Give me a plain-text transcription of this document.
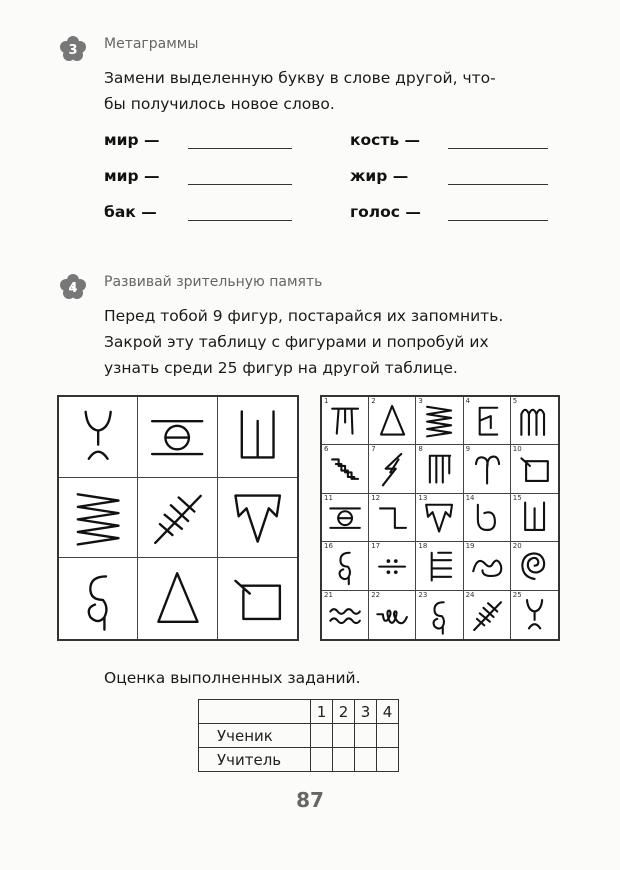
3 Метаграммы
Замени выделенную букву в слове другой, что-
бы получилось новое слово.
мир —	кость —
мир —	жир —
бак —	голос —
4 Развивай зрительную память
Перед тобой 9 фигур, постарайся их запомнить.
Закрой эту таблицу с фигурами и попробуй их
узнать среди 25 фигур на другой таблице.
1	2	3	4	5
6	7	8	9	10
11	12	13	14	15
16	17	18	19	20
21	22	23	24	25
Оценка выполненных заданий.
	1	2	3	4
Ученик				
Учитель				
87
